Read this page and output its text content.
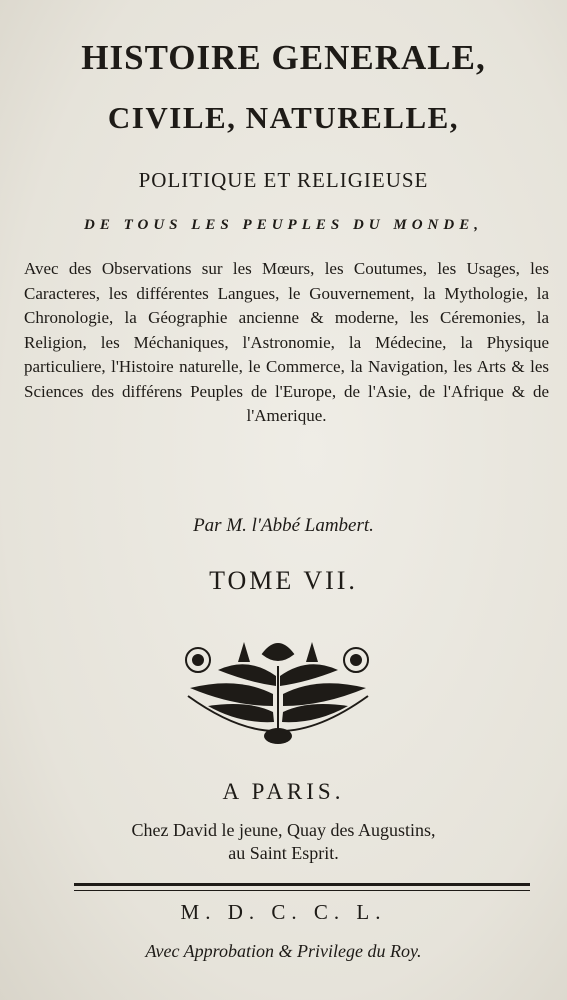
HISTOIRE GENERALE,
CIVILE, NATURELLE,
POLITIQUE ET RELIGIEUSE
DE TOUS LES PEUPLES DU MONDE,
Avec des Observations sur les Mœurs, les Coutumes, les Usages, les Caracteres, les différentes Langues, le Gouvernement, la Mythologie, la Chronologie, la Géographie ancienne & moderne, les Céremonies, la Religion, les Méchaniques, l'Astronomie, la Médecine, la Physique particuliere, l'Histoire naturelle, le Commerce, la Navigation, les Arts & les Sciences des différens Peuples de l'Europe, de l'Asie, de l'Afrique & de l'Amerique.
Par M. l'Abbé Lambert.
TOME VII.
A PARIS.
Chez David le jeune, Quay des Augustins,
au Saint Esprit.
M. D. C. C. L.
Avec Approbation & Privilege du Roy.
